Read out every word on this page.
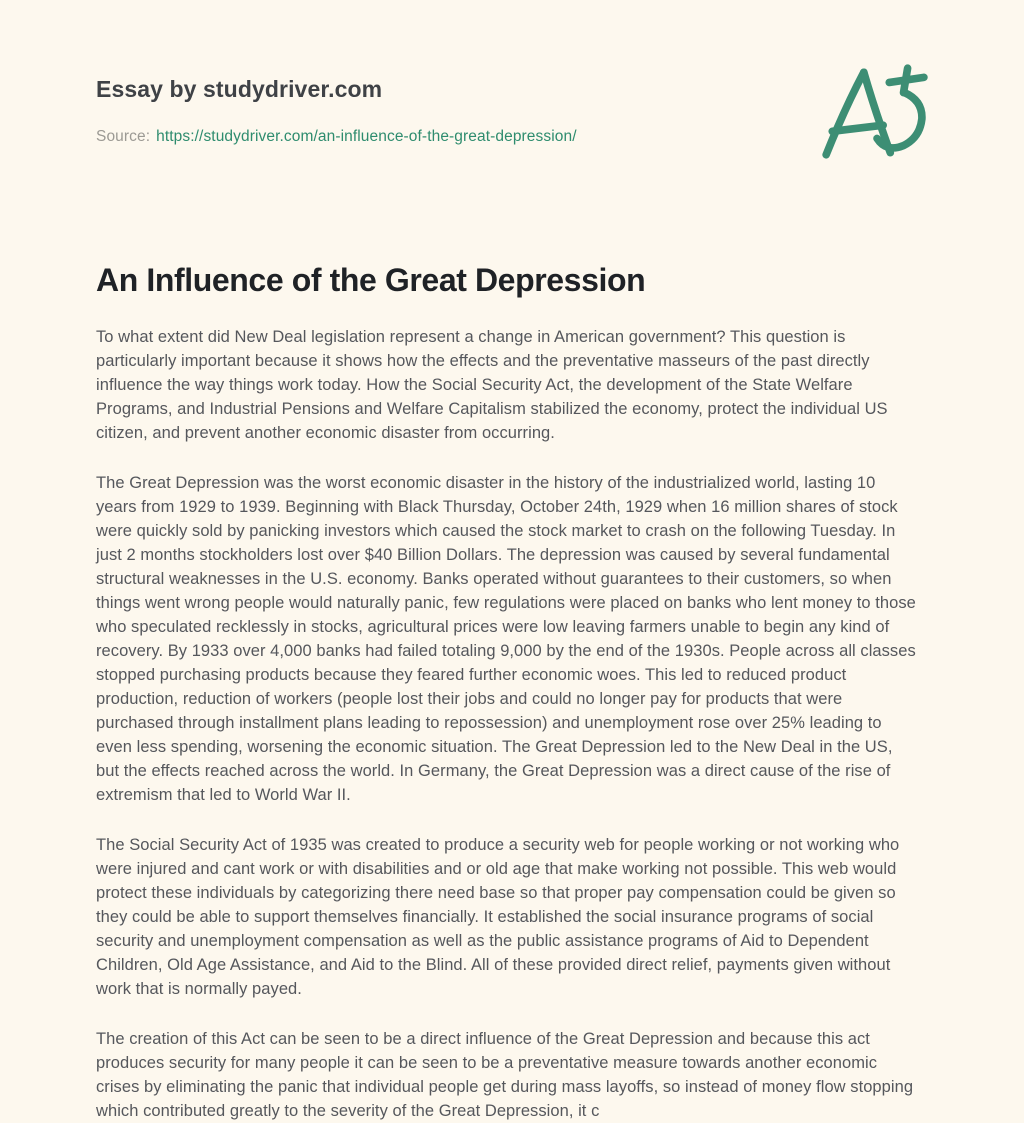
Essay by studydriver.com
Source: https://studydriver.com/an-influence-of-the-great-depression/
An Influence of the Great Depression

To what extent did New Deal legislation represent a change in American government? This question is particularly important because it shows how the effects and the preventative masseurs of the past directly influence the way things work today. How the Social Security Act, the development of the State Welfare Programs, and Industrial Pensions and Welfare Capitalism stabilized the economy, protect the individual US citizen, and prevent another economic disaster from occurring.

The Great Depression was the worst economic disaster in the history of the industrialized world, lasting 10 years from 1929 to 1939. Beginning with Black Thursday, October 24th, 1929 when 16 million shares of stock were quickly sold by panicking investors which caused the stock market to crash on the following Tuesday. In just 2 months stockholders lost over $40 Billion Dollars. The depression was caused by several fundamental structural weaknesses in the U.S. economy. Banks operated without guarantees to their customers, so when things went wrong people would naturally panic, few regulations were placed on banks who lent money to those who speculated recklessly in stocks, agricultural prices were low leaving farmers unable to begin any kind of recovery. By 1933 over 4,000 banks had failed totaling 9,000 by the end of the 1930s. People across all classes stopped purchasing products because they feared further economic woes. This led to reduced product production, reduction of workers (people lost their jobs and could no longer pay for products that were purchased through installment plans leading to repossession) and unemployment rose over 25% leading to even less spending, worsening the economic situation. The Great Depression led to the New Deal in the US, but the effects reached across the world. In Germany, the Great Depression was a direct cause of the rise of extremism that led to World War II.

The Social Security Act of 1935 was created to produce a security web for people working or not working who were injured and cant work or with disabilities and or old age that make working not possible. This web would protect these individuals by categorizing there need base so that proper pay compensation could be given so they could be able to support themselves financially. It established the social insurance programs of social security and unemployment compensation as well as the public assistance programs of Aid to Dependent Children, Old Age Assistance, and Aid to the Blind. All of these provided direct relief, payments given without work that is normally payed.

The creation of this Act can be seen to be a direct influence of the Great Depression and because this act produces security for many people it can be seen to be a preventative measure towards another economic crises by eliminating the panic that individual people get during mass layoffs, so instead of money flow stopping which contributed greatly to the severity of the Great Depression, it c
